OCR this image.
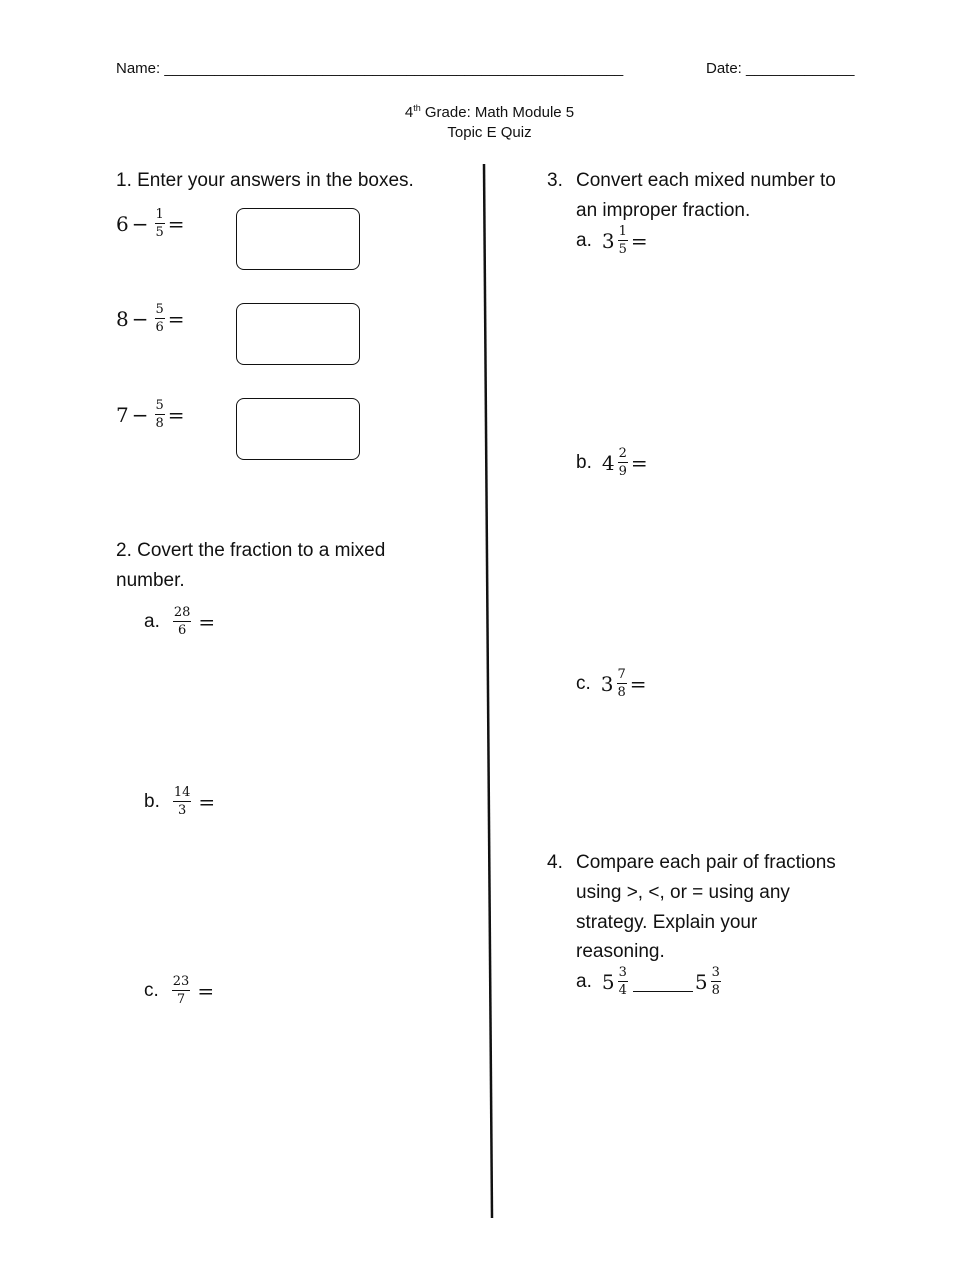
Name: _______________________________________________________	Date: _____________
4th Grade: Math Module 5
Topic E Quiz
1. Enter your answers in the boxes.
$6 - \frac{1}{5}$ =
$8 - \frac{5}{6}$ =
$7 - \frac{5}{8}$ =
2. Covert the fraction to a mixed
number.
a. $\frac{28}{6}$ =
b. $\frac{14}{3}$ =
c. $\frac{23}{7}$ =
3. Convert each mixed number to
an improper fraction.
a. $3 \frac{1}{5}$ =
b. $4 \frac{2}{9}$ =
c. $3 \frac{7}{8}$ =
4. Compare each pair of fractions
using >, <, or = using any
strategy. Explain your
reasoning.
a. $5 \frac{3}{4}$	$5 \frac{3}{8}$
